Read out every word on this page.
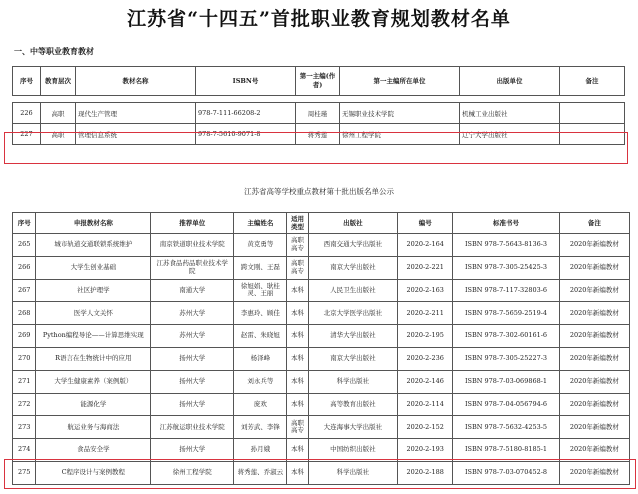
江苏省“十四五”首批职业教育规划教材名单
一、中等职业教育教材
序号	教育层次	教材名称	ISBN号	第一主编(作者)	第一主编所在单位	出版单位	备注

226	高职	现代生产管理	978-7-111-66208-2	周桂瑾	无锡职业技术学院	机械工业出版社	
227	高职	管理信息系统	978-7-5610-9071-8	蒋秀莲	徐州工程学院	辽宁大学出版社	
江苏省高等学校重点教材第十批出版名单公示
序号	申报教材名称	推荐单位	主编姓名	适用类型	出版社	编号	标准书号	备注
265	城市轨道交通联锁系统维护	南京铁道职业技术学院	黄克勇等	高职高专	西南交通大学出版社	2020-2-164	ISBN 978-7-5643-8136-3	2020年新编教材
266	大学生创业基础	江苏食品药品职业技术学院	跨文刚、王磊	高职高专	南京大学出版社	2020-2-221	ISBN 978-7-305-25425-3	2020年新编教材
267	社区护理学	南通大学	徐旭娟、耿桂灵、王丽	本科	人民卫生出版社	2020-2-163	ISBN 978-7-117-32803-6	2020年新编教材
268	医学人文关怀	苏州大学	李惠玲、顾佳	本科	北京大学医学出版社	2020-2-211	ISBN 978-7-5659-2519-4	2020年新编教材
269	Python编程导论——计算思维实现	苏州大学	赵雷、朱晓旭	本科	清华大学出版社	2020-2-195	ISBN 978-7-302-60161-6	2020年新编教材
270	R语言在生物统计中的应用	扬州大学	杨泽峰	本科	南京大学出版社	2020-2-236	ISBN 978-7-305-25227-3	2020年新编教材
271	大学生健康素养（案例版）	扬州大学	刘永兵等	本科	科学出版社	2020-2-146	ISBN 978-7-03-069868-1	2020年新编教材
272	能源化学	扬州大学	庞欢	本科	高等教育出版社	2020-2-114	ISBN 978-7-04-056794-6	2020年新编教材
273	航运业务与海商法	江苏航运职业技术学院	刘芳武、李锋	高职高专	大连海事大学出版社	2020-2-152	ISBN 978-7-5632-4253-5	2020年新编教材
274	食品安全学	扬州大学	孙月娥	本科	中国纺织出版社	2020-2-193	ISBN 978-7-5180-8185-1	2020年新编教材
275	C程序设计与案例教程	徐州工程学院	蒋秀莲、乔淑云	本科	科学出版社	2020-2-188	ISBN 978-7-03-070452-8	2020年新编教材
